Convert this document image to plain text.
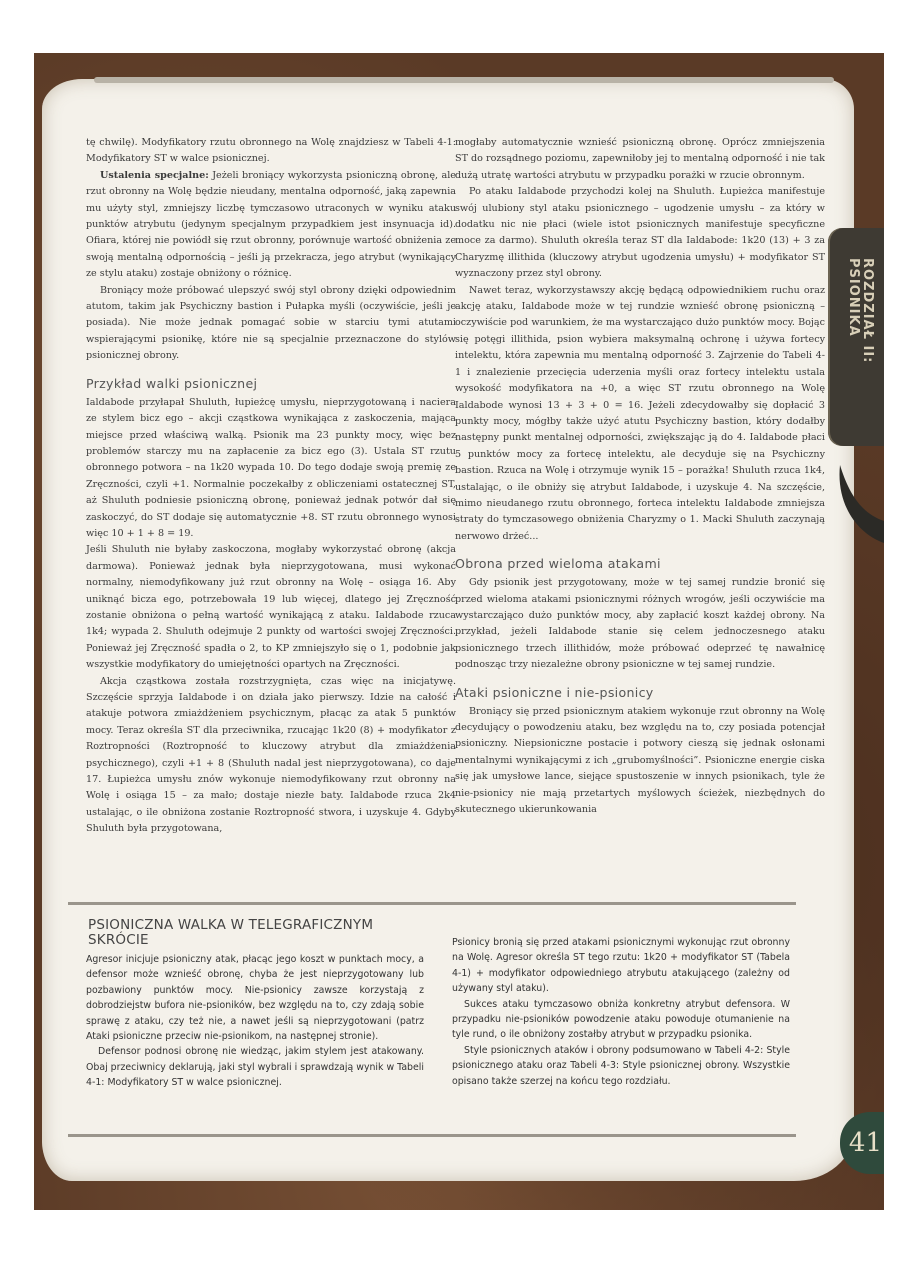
ROZDZIAŁ II: PSIONIKA

tę chwilę). Modyfikatory rzutu obronnego na Wolę znajdziesz w Tabeli 4-1: Modyfikatory ST w walce psionicznej.

Ustalenia specjalne: Jeżeli broniący wykorzysta psioniczną obronę, ale rzut obronny na Wolę będzie nieudany, mentalna odporność, jaką zapewnia mu użyty styl, zmniejszy liczbę tymczasowo utraconych w wyniku ataku punktów atrybutu (jedynym specjalnym przypadkiem jest insynuacja id). Ofiara, której nie powiódł się rzut obronny, porównuje wartość obniżenia ze swoją mentalną odpornością – jeśli ją przekracza, jego atrybut (wynikający ze stylu ataku) zostaje obniżony o różnicę.

Broniący może próbować ulepszyć swój styl obrony dzięki odpowiednim atutom, takim jak Psychiczny bastion i Pułapka myśli (oczywiście, jeśli je posiada). Nie może jednak pomagać sobie w starciu tymi atutami wspierającymi psionikę, które nie są specjalnie przeznaczone do stylów psionicznej obrony.

Przykład walki psionicznej

Ialdabode przyłapał Shuluth, łupieżcę umysłu, nieprzygotowaną i naciera ze stylem bicz ego – akcji cząstkowa wynikająca z zaskoczenia, mająca miejsce przed właściwą walką. Psionik ma 23 punkty mocy, więc bez problemów starczy mu na zapłacenie za bicz ego (3). Ustala ST rzutu obronnego potwora – na 1k20 wypada 10. Do tego dodaje swoją premię ze Zręczności, czyli +1. Normalnie poczekałby z obliczeniami ostatecznej ST, aż Shuluth podniesie psioniczną obronę, ponieważ jednak potwór dał się zaskoczyć, do ST dodaje się automatycznie +8. ST rzutu obronnego wynosi więc 10 + 1 + 8 = 19.

Jeśli Shuluth nie byłaby zaskoczona, mogłaby wykorzystać obronę (akcja darmowa). Ponieważ jednak była nieprzygotowana, musi wykonać normalny, niemodyfikowany już rzut obronny na Wolę – osiąga 16. Aby uniknąć bicza ego, potrzebowała 19 lub więcej, dlatego jej Zręczność zostanie obniżona o pełną wartość wynikającą z ataku. Ialdabode rzuca 1k4; wypada 2. Shuluth odejmuje 2 punkty od wartości swojej Zręczności. Ponieważ jej Zręczność spadła o 2, to KP zmniejszyło się o 1, podobnie jak wszystkie modyfikatory do umiejętności opartych na Zręczności.

Akcja cząstkowa została rozstrzygnięta, czas więc na inicjatywę. Szczęście sprzyja Ialdabode i on działa jako pierwszy. Idzie na całość i atakuje potwora zmiażdżeniem psychicznym, płacąc za atak 5 punktów mocy. Teraz określa ST dla przeciwnika, rzucając 1k20 (8) + modyfikator z Roztropności (Roztropność to kluczowy atrybut dla zmiażdżenia psychicznego), czyli +1 + 8 (Shuluth nadal jest nieprzygotowana), co daje 17. Łupieżca umysłu znów wykonuje niemodyfikowany rzut obronny na Wolę i osiąga 15 – za mało; dostaje niezłe baty. Ialdabode rzuca 2k4 ustalając, o ile obniżona zostanie Roztropność stwora, i uzyskuje 4. Gdyby Shuluth była przygotowana,

mogłaby automatycznie wznieść psioniczną obronę. Oprócz zmniejszenia ST do rozsądnego poziomu, zapewniłoby jej to mentalną odporność i nie tak dużą utratę wartości atrybutu w przypadku porażki w rzucie obronnym.

Po ataku Ialdabode przychodzi kolej na Shuluth. Łupieżca manifestuje swój ulubiony styl ataku psionicznego – ugodzenie umysłu – za który w dodatku nic nie płaci (wiele istot psionicznych manifestuje specyficzne moce za darmo). Shuluth określa teraz ST dla Ialdabode: 1k20 (13) + 3 za Charyzmę illithida (kluczowy atrybut ugodzenia umysłu) + modyfikator ST wyznaczony przez styl obrony.

Nawet teraz, wykorzystawszy akcję będącą odpowiednikiem ruchu oraz akcję ataku, Ialdabode może w tej rundzie wznieść obronę psioniczną – oczywiście pod warunkiem, że ma wystarczająco dużo punktów mocy. Bojąc się potęgi illithida, psion wybiera maksymalną ochronę i używa fortecy intelektu, która zapewnia mu mentalną odporność 3. Zajrzenie do Tabeli 4-1 i znalezienie przecięcia uderzenia myśli oraz fortecy intelektu ustala wysokość modyfikatora na +0, a więc ST rzutu obronnego na Wolę Ialdabode wynosi 13 + 3 + 0 = 16. Jeżeli zdecydowałby się dopłacić 3 punkty mocy, mógłby także użyć atutu Psychiczny bastion, który dodałby następny punkt mentalnej odporności, zwiększając ją do 4. Ialdabode płaci 5 punktów mocy za fortecę intelektu, ale decyduje się na Psychiczny bastion. Rzuca na Wolę i otrzymuje wynik 15 – porażka! Shuluth rzuca 1k4, ustalając, o ile obniży się atrybut Ialdabode, i uzyskuje 4. Na szczęście, mimo nieudanego rzutu obronnego, forteca intelektu Ialdabode zmniejsza straty do tymczasowego obniżenia Charyzmy o 1. Macki Shuluth zaczynają nerwowo drżeć...

Obrona przed wieloma atakami

Gdy psionik jest przygotowany, może w tej samej rundzie bronić się przed wieloma atakami psionicznymi różnych wrogów, jeśli oczywiście ma wystarczająco dużo punktów mocy, aby zapłacić koszt każdej obrony. Na przykład, jeżeli Ialdabode stanie się celem jednoczesnego ataku psionicznego trzech illithidów, może próbować odeprzeć tę nawałnicę podnosząc trzy niezależne obrony psioniczne w tej samej rundzie.

Ataki psioniczne i nie-psionicy

Broniący się przed psionicznym atakiem wykonuje rzut obronny na Wolę decydujący o powodzeniu ataku, bez względu na to, czy posiada potencjał psioniczny. Niepsioniczne postacie i potwory cieszą się jednak osłonami mentalnymi wynikającymi z ich „grubomyślności”. Psioniczne energie ciska się jak umysłowe lance, siejące spustoszenie w innych psionikach, tyle że nie-psionicy nie mają przetartych myślowych ścieżek, niezbędnych do skutecznego ukierunkowania

PSIONICZNA WALKA W TELEGRAFICZNYM
SKRÓCIE

Agresor inicjuje psioniczny atak, płacąc jego koszt w punktach mocy, a defensor może wznieść obronę, chyba że jest nieprzygotowany lub pozbawiony punktów mocy. Nie-psionicy zawsze korzystają z dobrodziejstw bufora nie-psioników, bez względu na to, czy zdają sobie sprawę z ataku, czy też nie, a nawet jeśli są nieprzygotowani (patrz Ataki psioniczne przeciw nie-psionikom, na następnej stronie).

Defensor podnosi obronę nie wiedząc, jakim stylem jest atakowany. Obaj przeciwnicy deklarują, jaki styl wybrali i sprawdzają wynik w Tabeli 4-1: Modyfikatory ST w walce psionicznej.

Psionicy bronią się przed atakami psionicznymi wykonując rzut obronny na Wolę. Agresor określa ST tego rzutu: 1k20 + modyfikator ST (Tabela 4-1) + modyfikator odpowiedniego atrybutu atakującego (zależny od używany styl ataku).

Sukces ataku tymczasowo obniża konkretny atrybut defensora. W przypadku nie-psioników powodzenie ataku powoduje otumanienie na tyle rund, o ile obniżony zostałby atrybut w przypadku psionika.

Style psionicznych ataków i obrony podsumowano w Tabeli 4-2: Style psionicznego ataku oraz Tabeli 4-3: Style psionicznej obrony. Wszystkie opisano także szerzej na końcu tego rozdziału.

41
